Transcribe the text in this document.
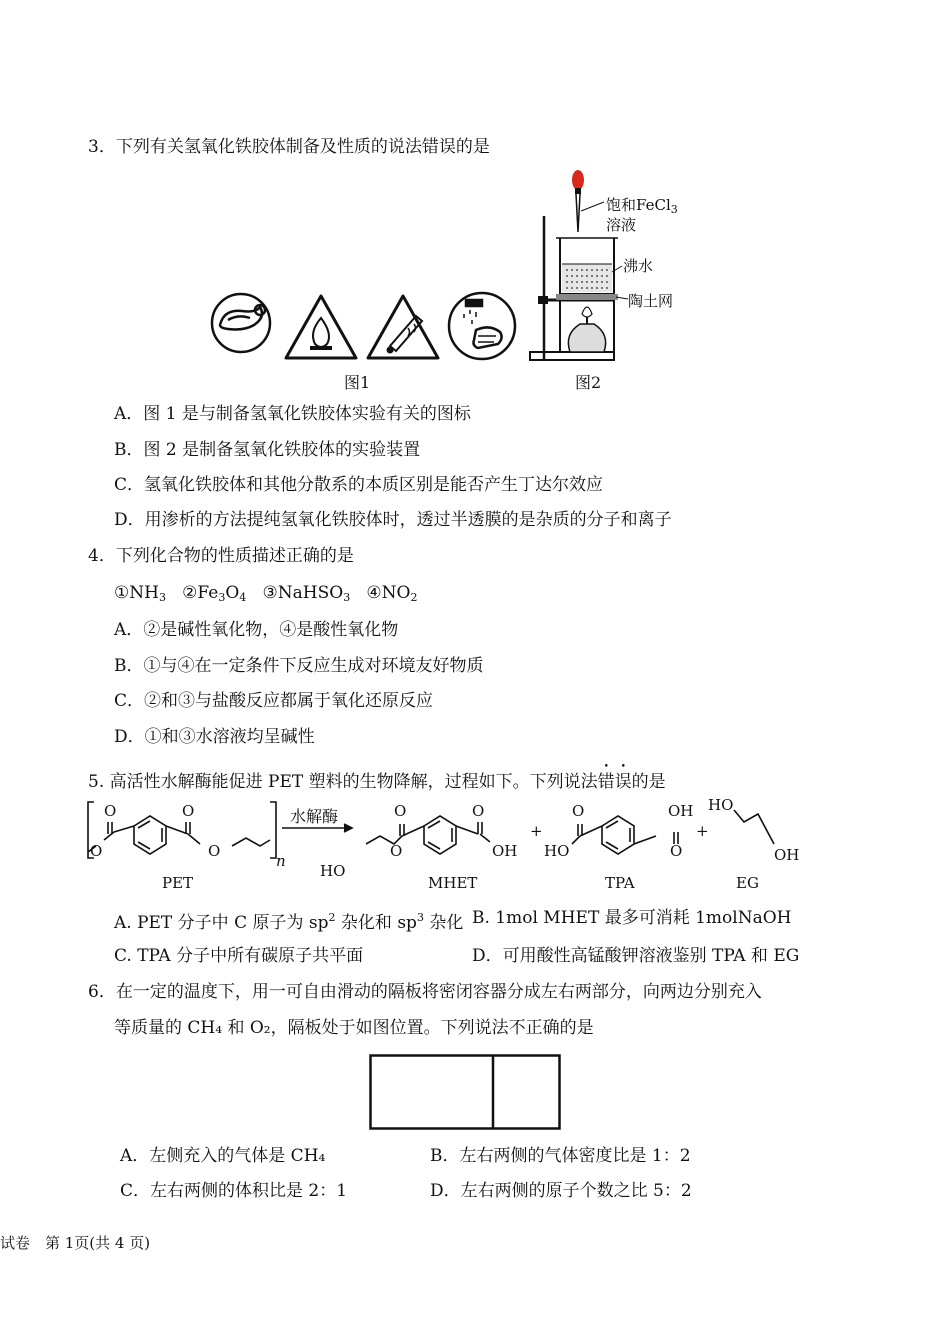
3．下列有关氢氧化铁胶体制备及性质的说法错误的是
图1
饱和FeCl$_3$
溶液
沸水
陶土网
图2
A．图 1 是与制备氢氧化铁胶体实验有关的图标
B．图 2 是制备氢氧化铁胶体的实验装置
C．氢氧化铁胶体和其他分散系的本质区别是能否产生丁达尔效应
D．用渗析的方法提纯氢氧化铁胶体时，透过半透膜的是杂质的分子和离子
4．下列化合物的性质描述正确的是
$①NH_3$ $②Fe_3O_4$ ③NaHSO$_3$ $④NO_2$
A．②是碱性氧化物，④是酸性氧化物
B．①与④在一定条件下反应生成对环境友好物质
C．②和③与盐酸反应都属于氧化还原反应
D．①和③水溶液均呈碱性
5. 高活性水解酶能促进 PET 塑料的生物降解，过程如下。下列说法错误的是
O
O
O
O
n
水解酶	O
O
O
OH
HO
+
O
HO
OH
O
+
HO
OH
PET	MHET	TPA	EG
A. PET 分子中 C 原子为 $sp^2$ 杂化和 $sp^3$ 杂化 B. 1mol MHET 最多可消耗 1molNaOH
C. TPA 分子中所有碳原子共平面	D．可用酸性高锰酸钾溶液鉴别 TPA 和 EG
6．在一定的温度下，用一可自由滑动的隔板将密闭容器分成左右两部分，向两边分别充入
等质量的 CH₄ 和 O₂，隔板处于如图位置。下列说法不正确的是
A．左侧充入的气体是 CH₄	B．左右两侧的气体密度比是 1：2
C．左右两侧的体积比是 2：1	D．左右两侧的原子个数之比 5：2
试卷　第 1页(共 4 页)
